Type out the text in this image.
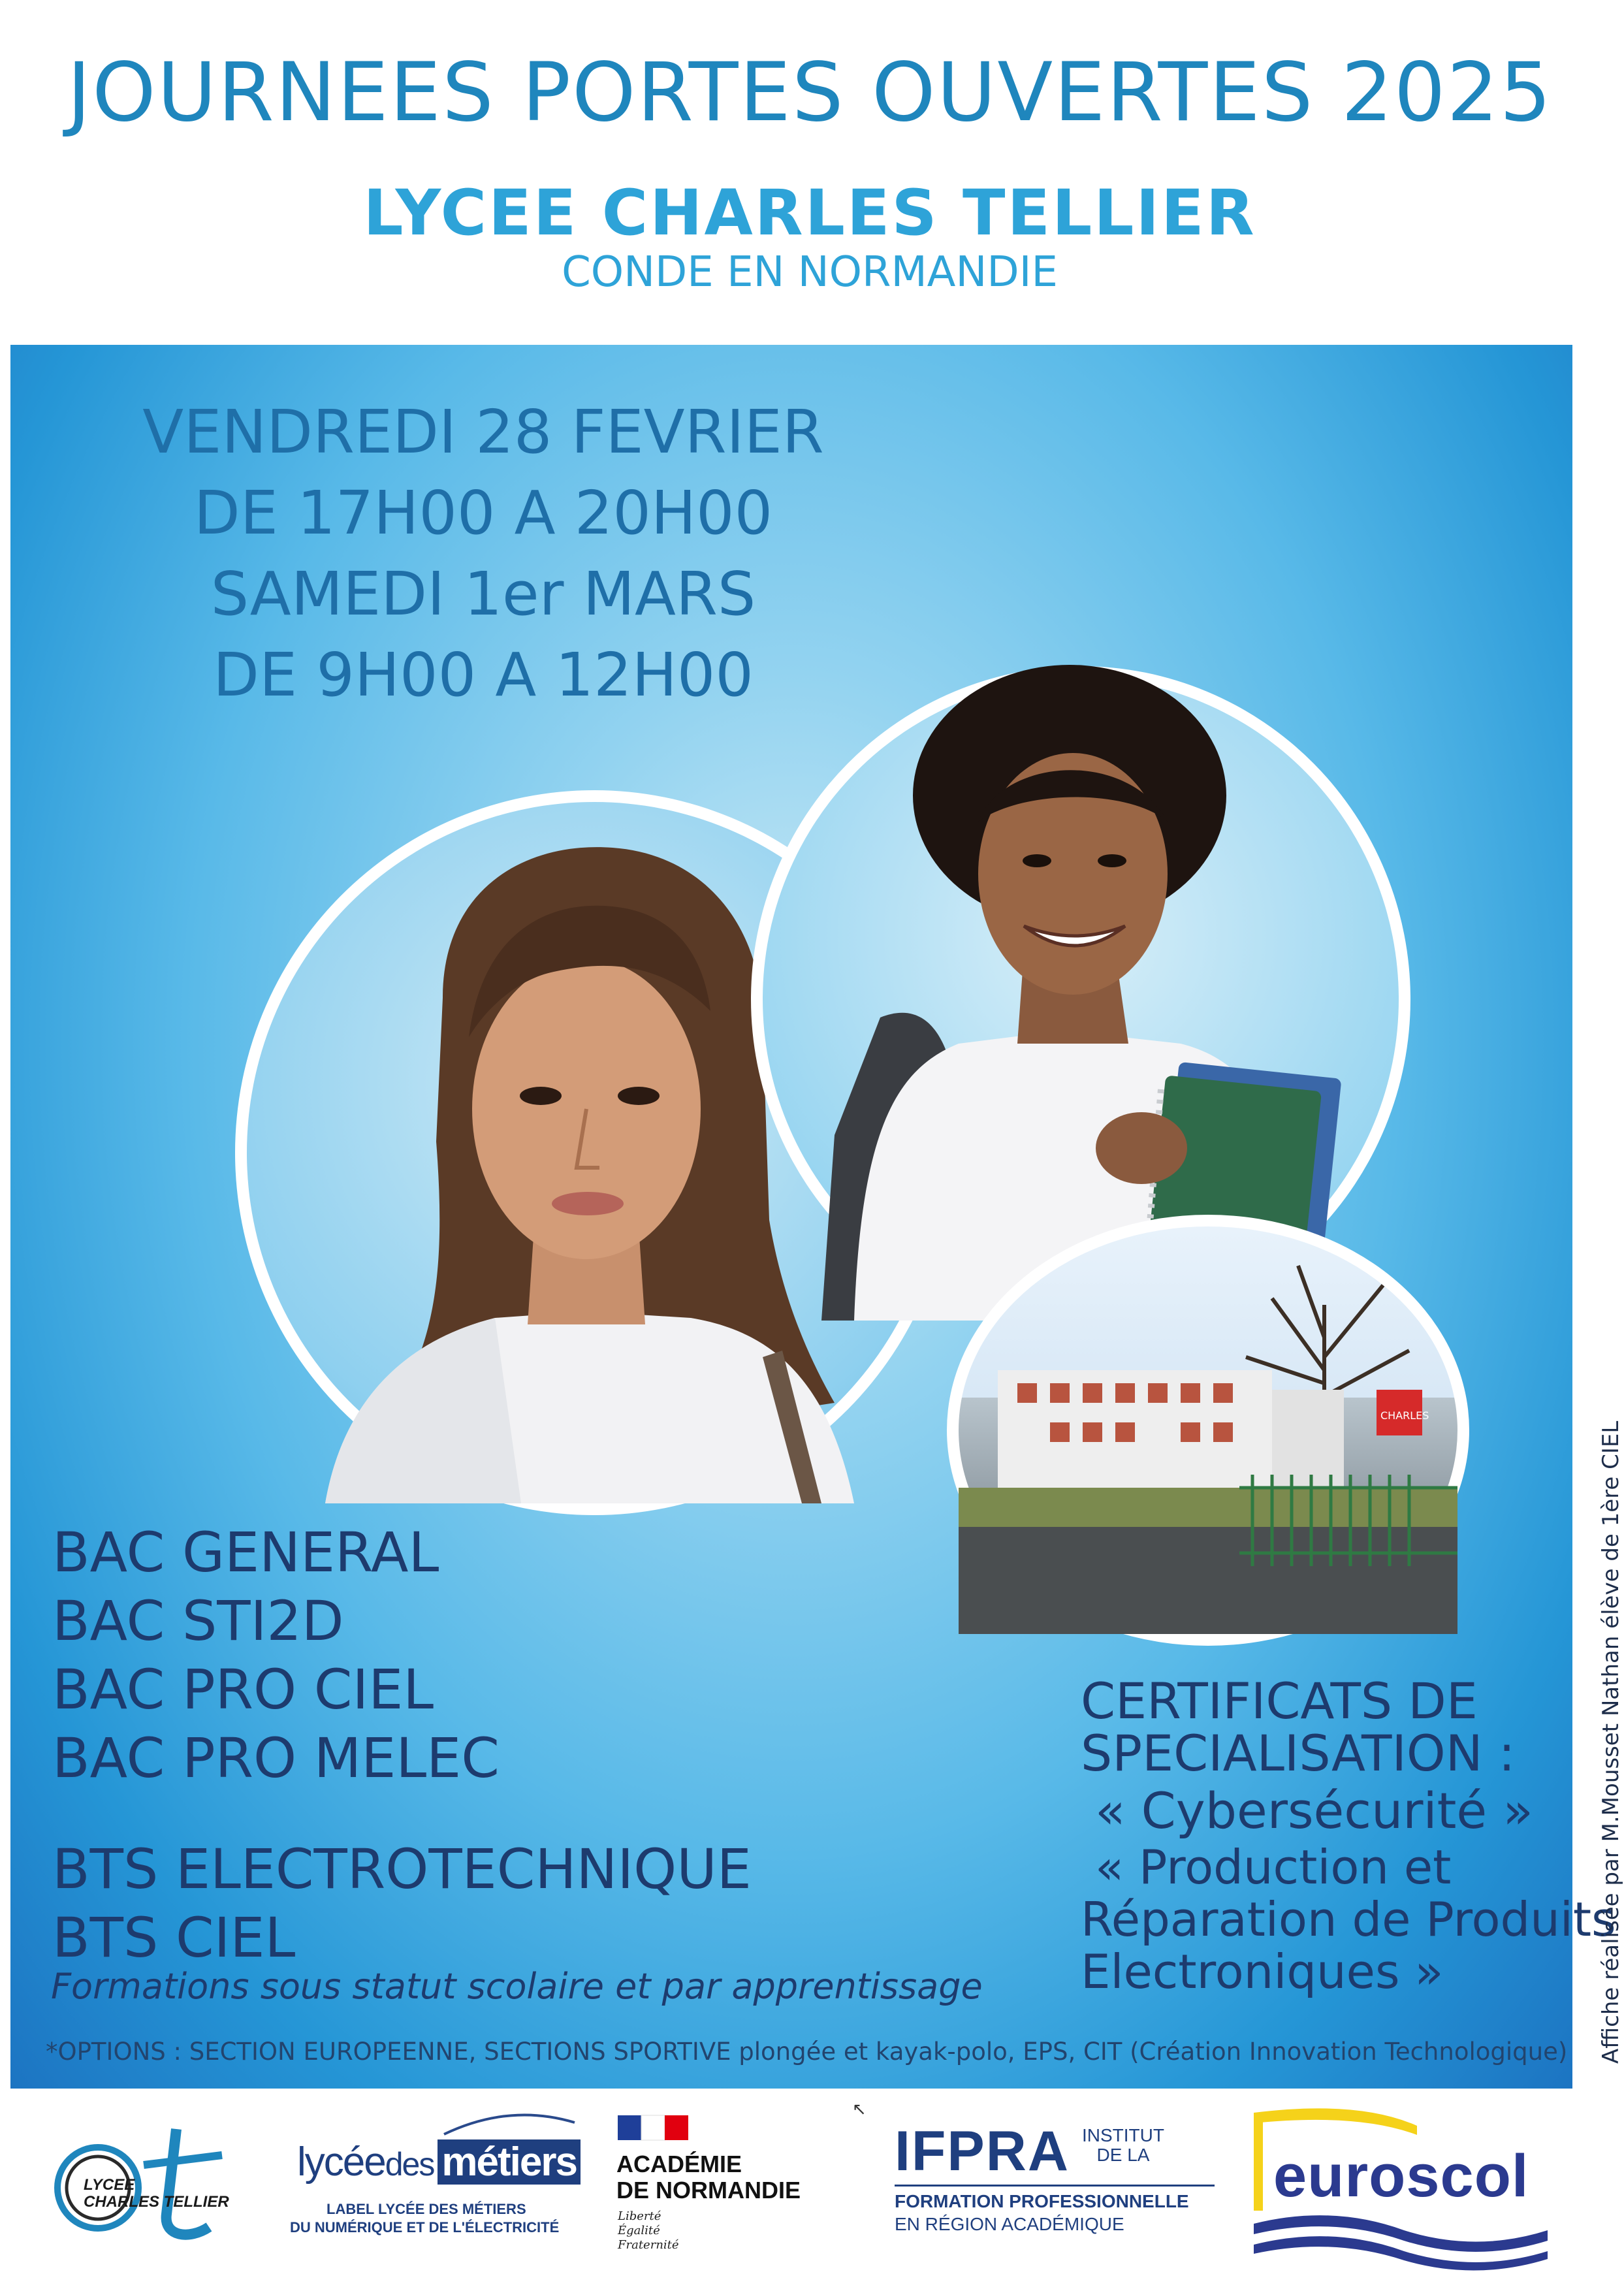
JOURNEES PORTES OUVERTES 2025
LYCEE CHARLES TELLIER
CONDE EN NORMANDIE
VENDREDI 28 FEVRIER
DE 17H00 A 20H00
SAMEDI 1er MARS
DE 9H00 A 12H00
CHARLES
BAC GENERAL
BAC STI2D
BAC PRO CIEL
BAC PRO MELEC
BTS ELECTROTECHNIQUE
BTS CIEL
Formations sous statut scolaire et par apprentissage
CERTIFICATS DE
SPECIALISATION :
« Cybersécurité »
« Production et
Réparation de Produits
Electroniques »
*OPTIONS : SECTION EUROPEENNE, SECTIONS SPORTIVE plongée et kayak-polo, EPS, CIT (Création Innovation Technologique)	Affiche réalisée par M.Mousset Nathan élève de 1ère CIEL
LYCEE
CHARLES TELLIER
lycéedes métiers
LABEL LYCÉE DES MÉTIERS
DU NUMÉRIQUE ET DE L'ÉLECTRICITÉ
ACADÉMIE
DE NORMANDIE
Liberté
Égalité
Fraternité
IFPRA INSTITUT
DE LA
FORMATION PROFESSIONNELLE
EN RÉGION ACADÉMIQUE
euroscol
↖
